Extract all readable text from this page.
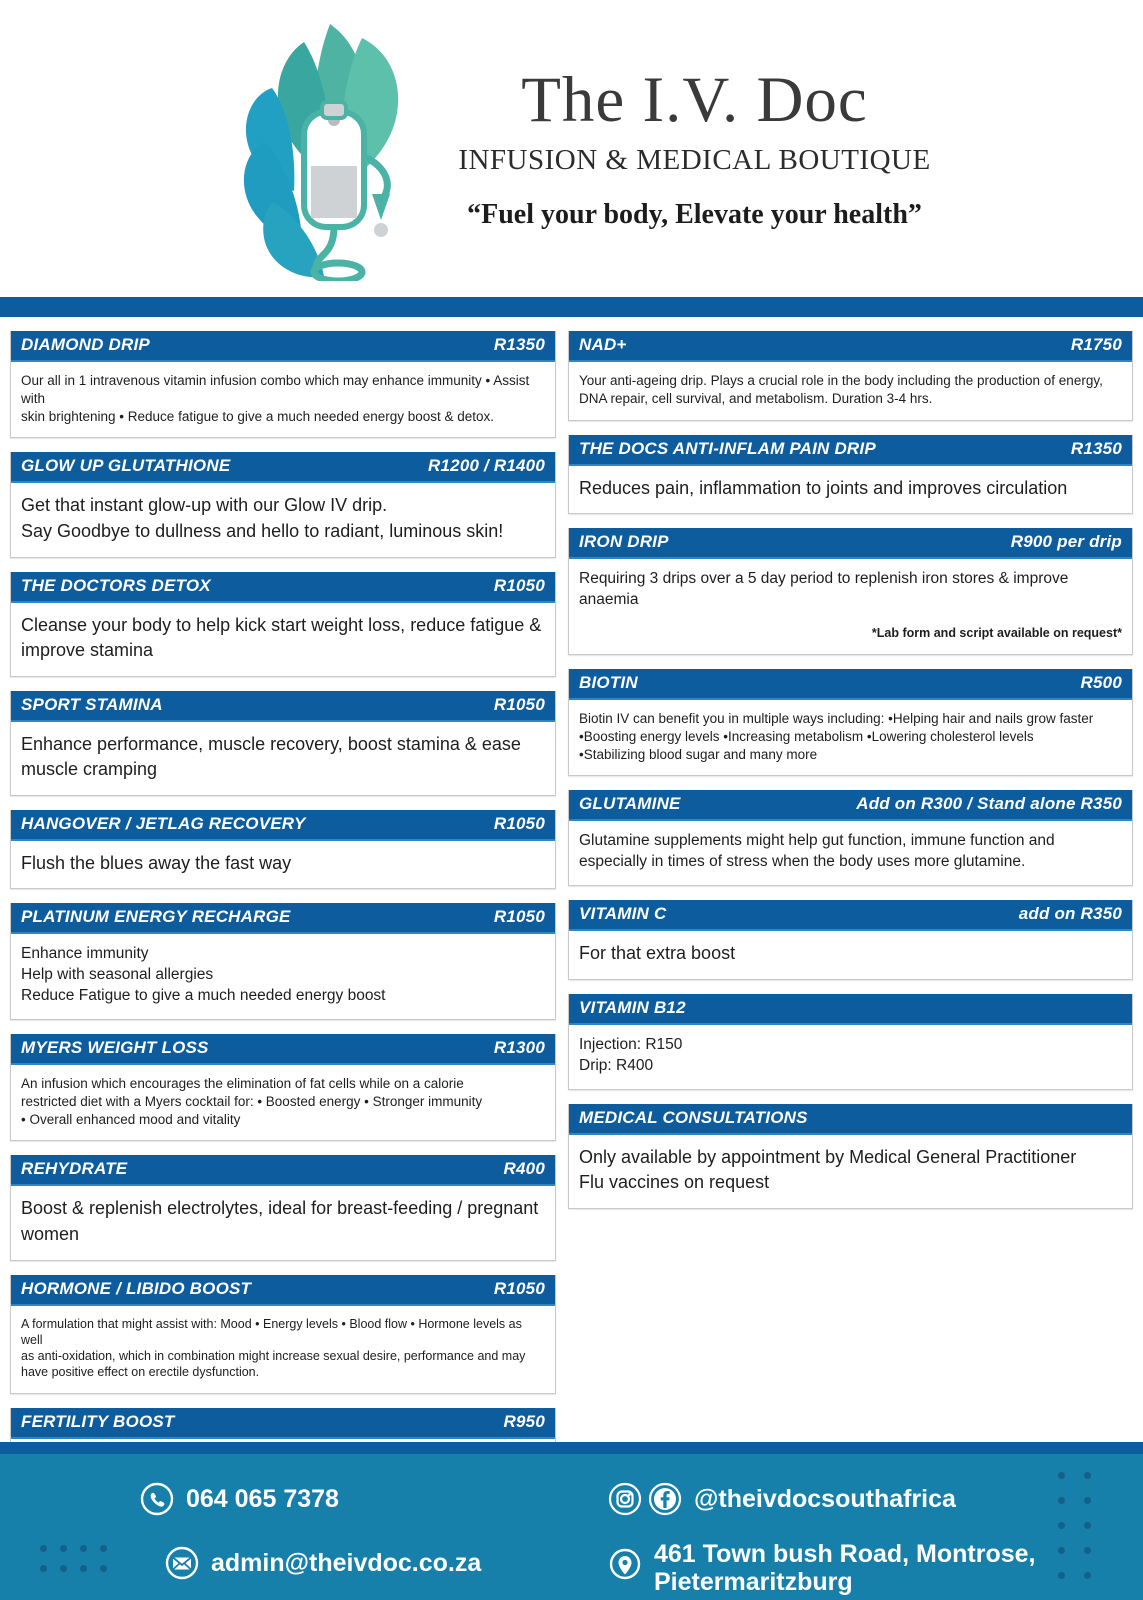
The I.V. Doc
INFUSION & MEDICAL BOUTIQUE
“Fuel your body, Elevate your health”
DIAMOND DRIP	R1350
Our all in 1 intravenous vitamin infusion combo which may enhance immunity • Assist with
skin brightening • Reduce fatigue to give a much needed energy boost & detox.
GLOW UP GLUTATHIONE	R1200 / R1400
Get that instant glow-up with our Glow IV drip.
Say Goodbye to dullness and hello to radiant, luminous skin!
THE DOCTORS DETOX	R1050
Cleanse your body to help kick start weight loss, reduce fatigue & improve stamina
SPORT STAMINA	R1050
Enhance performance, muscle recovery, boost stamina & ease muscle cramping
HANGOVER / JETLAG RECOVERY	R1050
Flush the blues away the fast way
PLATINUM ENERGY RECHARGE	R1050
Enhance immunity
Help with seasonal allergies
Reduce Fatigue to give a much needed energy boost
MYERS WEIGHT LOSS	R1300
An infusion which encourages the elimination of fat cells while on a calorie
restricted diet with a Myers cocktail for: • Boosted energy • Stronger immunity
• Overall enhanced mood and vitality
REHYDRATE	R400
Boost & replenish electrolytes, ideal for breast-feeding / pregnant women
HORMONE / LIBIDO BOOST	R1050
A formulation that might assist with: Mood • Energy levels • Blood flow • Hormone levels as well
as anti-oxidation, which in combination might increase sexual desire, performance and may
have positive effect on erectile dysfunction.
FERTILITY BOOST	R950
NAD+	R1750
Your anti-ageing drip. Plays a crucial role in the body including the production of energy,
DNA repair, cell survival, and metabolism. Duration 3-4 hrs.
THE DOCS ANTI-INFLAM PAIN DRIP	R1350
Reduces pain, inflammation to joints and improves circulation
IRON DRIP	R900 per drip
Requiring 3 drips over a 5 day period to replenish iron stores & improve anaemia
*Lab form and script available on request*
BIOTIN	R500
Biotin IV can benefit you in multiple ways including: •Helping hair and nails grow faster
•Boosting energy levels •Increasing metabolism •Lowering cholesterol levels
•Stabilizing blood sugar and many more
GLUTAMINE	Add on R300 / Stand alone R350
Glutamine supplements might help gut function, immune function and
especially in times of stress when the body uses more glutamine.
VITAMIN C	add on R350
For that extra boost
VITAMIN B12
Injection: R150
Drip: R400
MEDICAL CONSULTATIONS
Only available by appointment by Medical General Practitioner
Flu vaccines on request
064 065 7378
admin@theivdoc.co.za
@theivdocsouthafrica
461 Town bush Road, Montrose,
Pietermaritzburg
